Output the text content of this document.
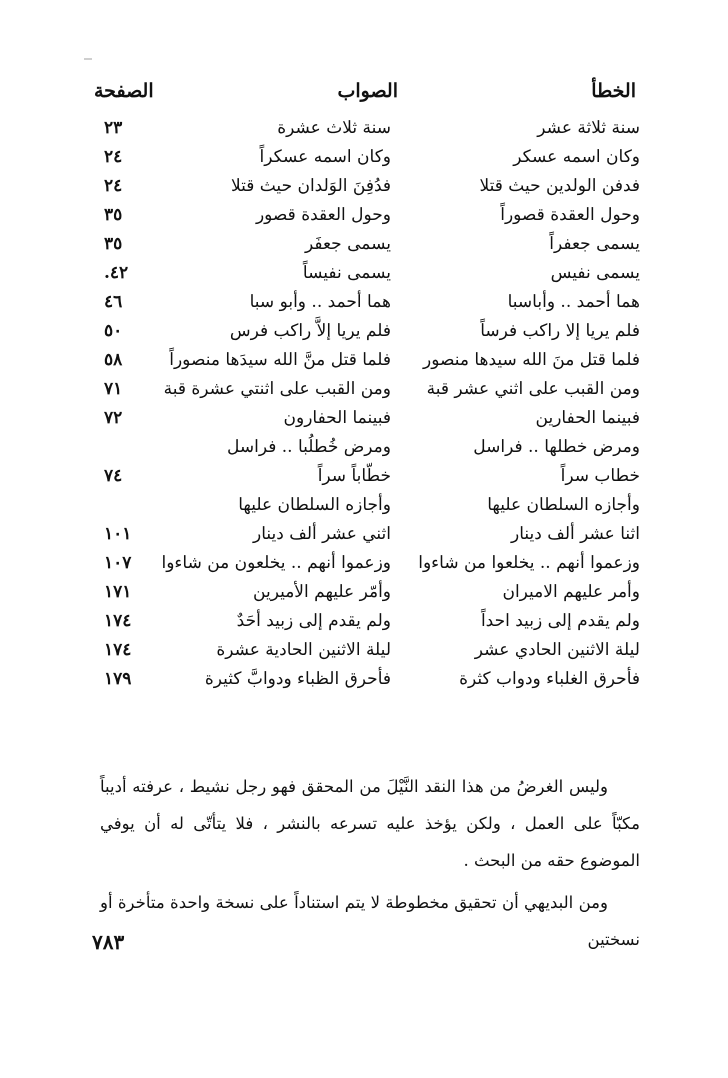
الخطأ
الصواب
الصفحة
سنة ثلاثة عشر
سنة ثلاث عشرة
٢٣
وكان اسمه عسكر
وكان اسمه عسكراً
٢٤
فدفن الولدين حيث قتلا
فدُفِنَ الوَلدان حيث قتلا
٢٤
وحول العقدة قصوراً
وحول العقدة قصور
٣٥
يسمى جعفراً
يسمى جعفَر
٣٥
يسمى نفيس
يسمى نفيساً
٤٢.
هما أحمد .. وأباسبا
هما أحمد .. وأبو سبا
٤٦
فلم يريا إلا راكب فرساً
فلم يريا إلاَّ راكب فرس
٥٠
فلما قتل منَ الله سيدها منصور
فلما قتل منَّ الله سيدَها منصوراً
٥٨
ومن القبب على اثني عشر قبة
ومن القبب على اثنتي عشرة قبة
٧١
فبينما الحفارين
فبينما الحفارون
٧٢
ومرض خطلها .. فراسل
ومرض خُطلُبا .. فراسل
خطاب سراً
خطّاباً سراً
٧٤
وأجازه السلطان عليها
وأجازه السلطان عليها
اثنا عشر ألف دينار
اثني عشر ألف دينار
١٠١
وزعموا أنهم .. يخلعوا من شاءوا
وزعموا أنهم .. يخلعون من شاءوا
١٠٧
وأمر عليهم الاميران
وأمّر عليهم الأميرين
١٧١
ولم يقدم إلى زبيد احداً
ولم يقدم إلى زبيد أحَدٌ
١٧٤
ليلة الاثنين الحادي عشر
ليلة الاثنين الحادية عشرة
١٧٤
فأحرق الغلباء ودواب كثرة
فأحرق الظباء ودوابَّ كثيرة
١٧٩
وليس الغرضُ من هذا النقد النَّيْلَ من المحقق فهو رجل نشيط ، عرفته أديباً مكبّاً على العمل ، ولكن يؤخذ عليه تسرعه بالنشر ، فلا يتأتّى له أن يوفي الموضوع حقه من البحث .
ومن البديهي أن تحقيق مخطوطة لا يتم استناداً على نسخة واحدة متأخرة أو نسختين
٧٨٣
